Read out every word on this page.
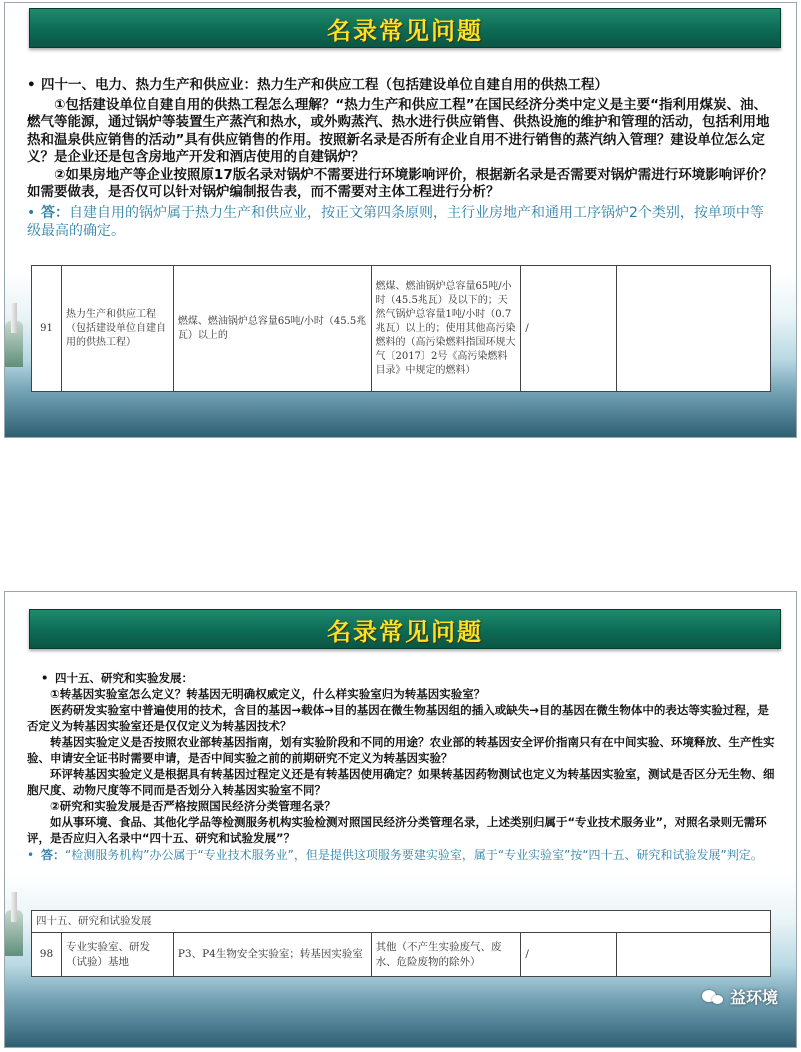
名录常见问题

• 四十一、电力、热力生产和供应业：热力生产和供应工程（包括建设单位自建自用的供热工程）

①包括建设单位自建自用的供热工程怎么理解？“热力生产和供应工程”在国民经济分类中定义是主要“指利用煤炭、油、燃气等能源，通过锅炉等装置生产蒸汽和热水，或外购蒸汽、热水进行供应销售、供热设施的维护和管理的活动，包括利用地热和温泉供应销售的活动”具有供应销售的作用。按照新名录是否所有企业自用不进行销售的蒸汽纳入管理？建设单位怎么定义？是企业还是包含房地产开发和酒店使用的自建锅炉？

②如果房地产等企业按照原17版名录对锅炉不需要进行环境影响评价，根据新名录是否需要对锅炉需进行环境影响评价？如需要做表，是否仅可以针对锅炉编制报告表，而不需要对主体工程进行分析？

• 答：自建自用的锅炉属于热力生产和供应业，按正文第四条原则，主行业房地产和通用工序锅炉2个类别，按单项中等级最高的确定。

91	热力生产和供应工程（包括建设单位自建自用的供热工程）	燃煤、燃油锅炉总容量65吨/小时（45.5兆瓦）以上的	燃煤、燃油锅炉总容量65吨/小时（45.5兆瓦）及以下的；天然气锅炉总容量1吨/小时（0.7兆瓦）以上的；使用其他高污染燃料的（高污染燃料指国环规大气〔2017〕2号《高污染燃料目录》中规定的燃料）	/	
名录常见问题

• 四十五、研究和实验发展：

①转基因实验室怎么定义？转基因无明确权威定义，什么样实验室归为转基因实验室？

医药研发实验室中普遍使用的技术，含目的基因→载体→目的基因在微生物基因组的插入或缺失→目的基因在微生物体中的表达等实验过程，是否定义为转基因实验室还是仅仅定义为转基因技术？

转基因实验定义是否按照农业部转基因指南，划有实验阶段和不同的用途？农业部的转基因安全评价指南只有在中间实验、环境释放、生产性实验、申请安全证书时需要申请，是否中间实验之前的前期研究不定义为转基因实验？

环评转基因实验定义是根据具有转基因过程定义还是有转基因使用确定？如果转基因药物测试也定义为转基因实验室，测试是否区分无生物、细胞尺度、动物尺度等不同而是否划分入转基因实验室不同？

②研究和实验发展是否严格按照国民经济分类管理名录？

如从事环境、食品、其他化学品等检测服务机构实验检测对照国民经济分类管理名录，上述类别归属于“专业技术服务业”，对照名录则无需环评，是否应归入名录中“四十五、研究和试验发展”？

• 答：“检测服务机构”办公属于“专业技术服务业”，但是提供这项服务要建实验室，属于“专业实验室”按“四十五、研究和试验发展”判定。

四十五、研究和试验发展
98	专业实验室、研发（试验）基地	P3、P4生物安全实验室；转基因实验室	其他（不产生实验废气、废水、危险废物的除外）	/	
益环境
